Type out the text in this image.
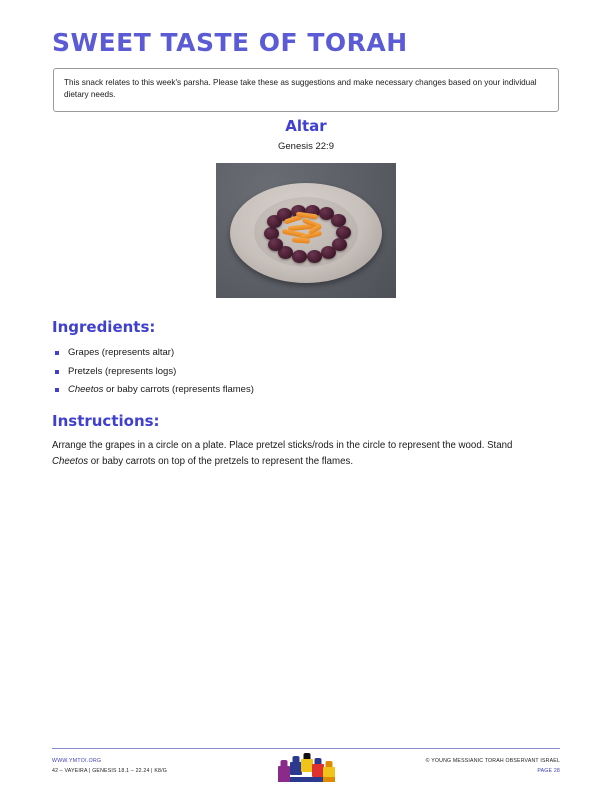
SWEET TASTE OF TORAH
This snack relates to this week's parsha. Please take these as suggestions and make necessary changes based on your individual dietary needs.
Altar
Genesis 22:9
Ingredients:
Grapes (represents altar)
Pretzels (represents logs)
Cheetos or baby carrots (represents flames)
Instructions:
Arrange the grapes in a circle on a plate. Place pretzel sticks/rods in the circle to represent the wood. Stand Cheetos or baby carrots on top of the pretzels to represent the flames.
WWW.YMTOI.ORG
42 – VAYEIRA | GENESIS 18.1 – 22.24 | K8/G
© YOUNG MESSIANIC TORAH OBSERVANT ISRAEL
PAGE 28
